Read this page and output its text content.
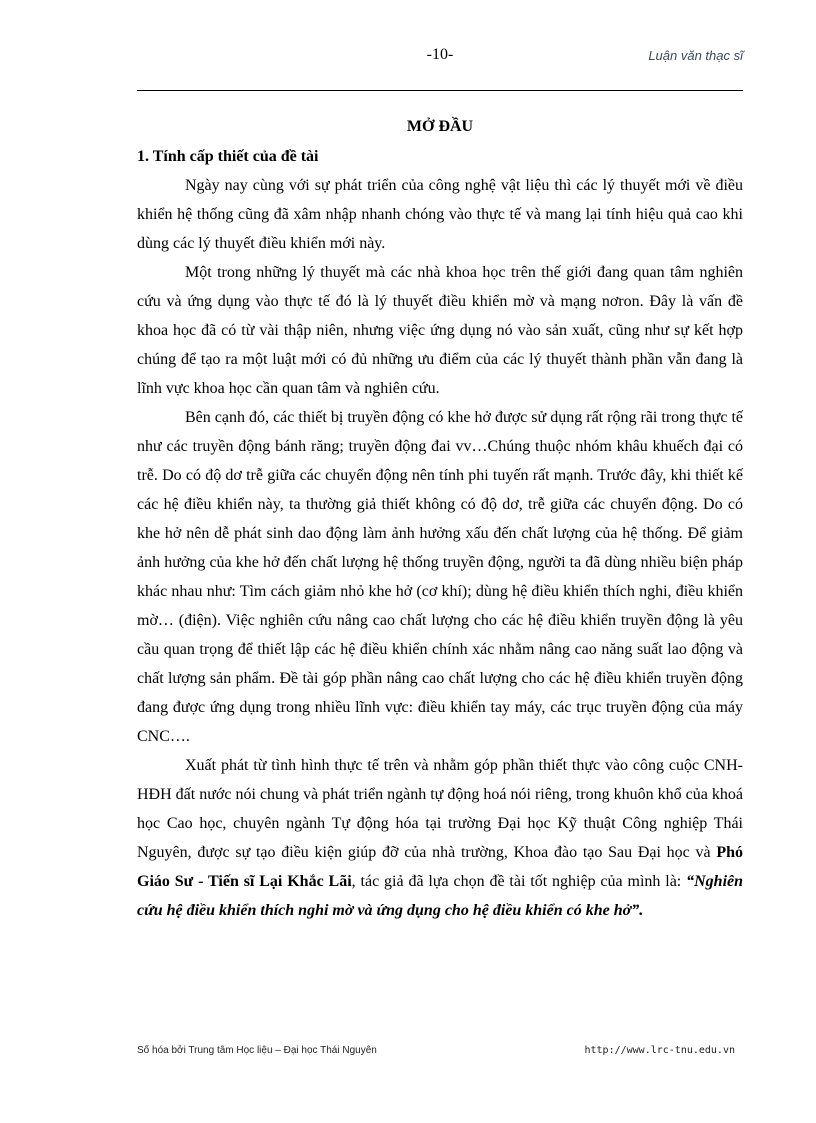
-10-	Luận văn thạc sĩ
MỞ ĐẦU
1. Tính cấp thiết của đề tài

Ngày nay cùng với sự phát triển của công nghệ vật liệu thì các lý thuyết mới về điều khiển hệ thống cũng đã xâm nhập nhanh chóng vào thực tế và mang lại tính hiệu quả cao khi dùng các lý thuyết điều khiển mới này.

Một trong những lý thuyết mà các nhà khoa học trên thế giới đang quan tâm nghiên cứu và ứng dụng vào thực tế đó là lý thuyết điều khiển mờ và mạng nơron. Đây là vấn đề khoa học đã có từ vài thập niên, nhưng việc ứng dụng nó vào sản xuất, cũng như sự kết hợp chúng để tạo ra một luật mới có đủ những ưu điểm của các lý thuyết thành phần vẫn đang là lĩnh vực khoa học cần quan tâm và nghiên cứu.

Bên cạnh đó, các thiết bị truyền động có khe hở được sử dụng rất rộng rãi trong thực tế như các truyền động bánh răng; truyền động đai vv…Chúng thuộc nhóm khâu khuếch đại có trễ. Do có độ dơ trễ giữa các chuyển động nên tính phi tuyến rất mạnh. Trước đây, khi thiết kế các hệ điều khiển này, ta thường giả thiết không có độ dơ, trễ giữa các chuyển động. Do có khe hở nên dễ phát sinh dao động làm ảnh hưởng xấu đến chất lượng của hệ thống. Để giảm ảnh hưởng của khe hở đến chất lượng hệ thống truyền động, người ta đã dùng nhiều biện pháp khác nhau như: Tìm cách giảm nhỏ khe hở (cơ khí); dùng hệ điều khiển thích nghi, điều khiển mờ… (điện). Việc nghiên cứu nâng cao chất lượng cho các hệ điều khiển truyền động là yêu cầu quan trọng để thiết lập các hệ điều khiển chính xác nhằm nâng cao năng suất lao động và chất lượng sản phẩm. Đề tài góp phần nâng cao chất lượng cho các hệ điều khiển truyền động đang được ứng dụng trong nhiều lĩnh vực: điều khiển tay máy, các trục truyền động của máy CNC….

Xuất phát từ tình hình thực tế trên và nhằm góp phần thiết thực vào công cuộc CNH-HĐH đất nước nói chung và phát triển ngành tự động hoá nói riêng, trong khuôn khổ của khoá học Cao học, chuyên ngành Tự động hóa tại trường Đại học Kỹ thuật Công nghiệp Thái Nguyên, được sự tạo điều kiện giúp đỡ của nhà trường, Khoa đào tạo Sau Đại học và Phó Giáo Sư - Tiến sĩ Lại Khắc Lãi, tác giả đã lựa chọn đề tài tốt nghiệp của mình là: “Nghiên cứu hệ điều khiển thích nghi mờ và ứng dụng cho hệ điều khiển có khe hở”.

Số hóa bởi Trung tâm Học liệu – Đại học Thái Nguyên	http://www.lrc-tnu.edu.vn
